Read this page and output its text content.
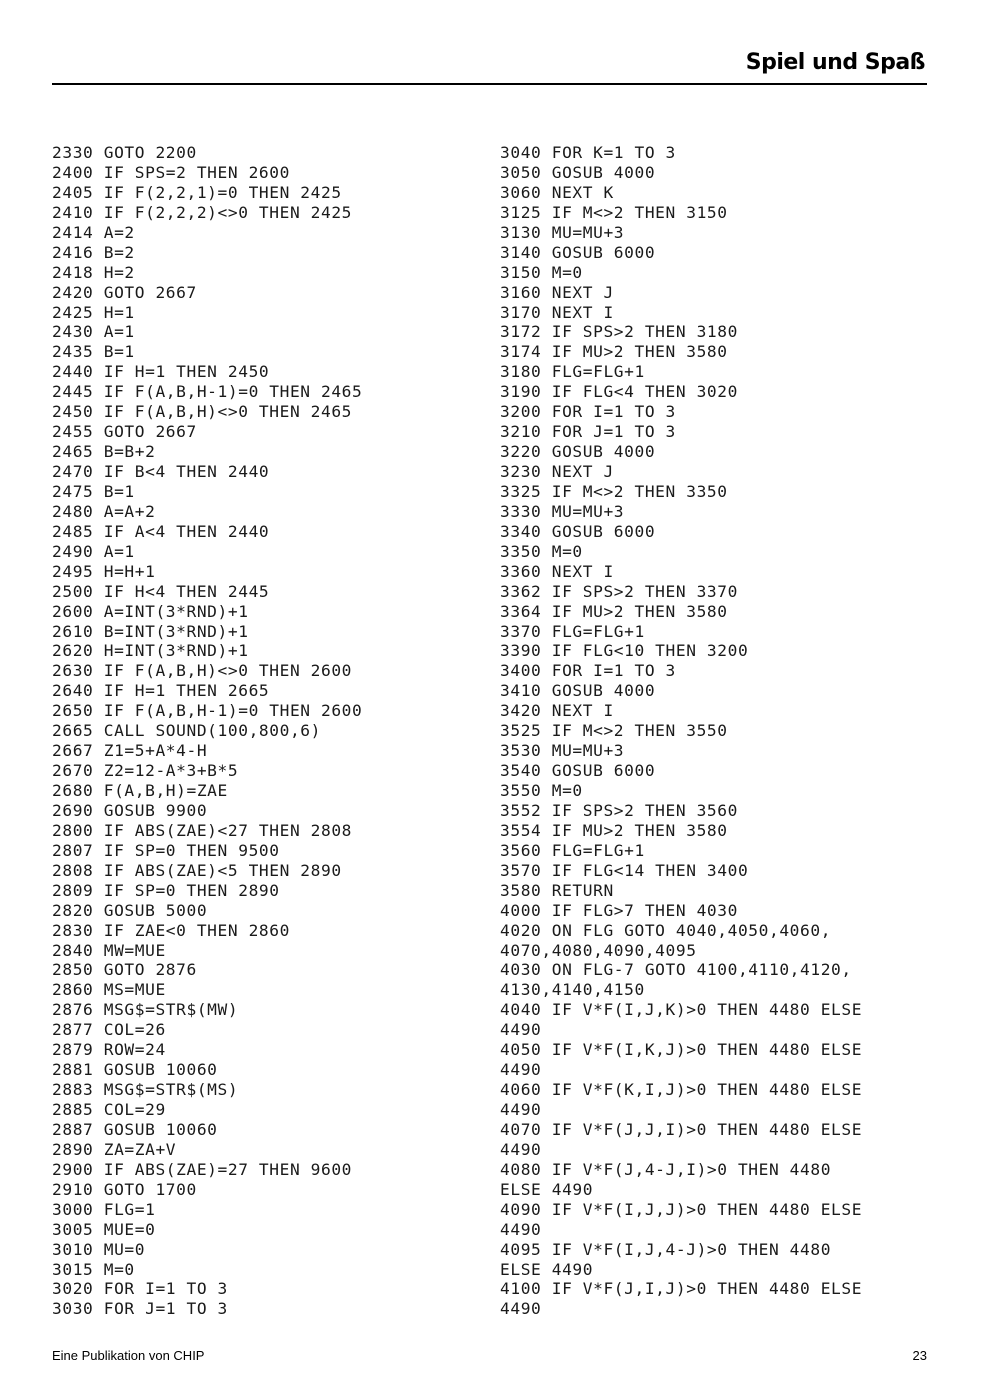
Spiel und Spaß
2330 GOTO 2200
2400 IF SPS=2 THEN 2600
2405 IF F(2,2,1)=0 THEN 2425
2410 IF F(2,2,2)<>0 THEN 2425
2414 A=2
2416 B=2
2418 H=2
2420 GOTO 2667
2425 H=1
2430 A=1
2435 B=1
2440 IF H=1 THEN 2450
2445 IF F(A,B,H-1)=0 THEN 2465
2450 IF F(A,B,H)<>0 THEN 2465
2455 GOTO 2667
2465 B=B+2
2470 IF B<4 THEN 2440
2475 B=1
2480 A=A+2
2485 IF A<4 THEN 2440
2490 A=1
2495 H=H+1
2500 IF H<4 THEN 2445
2600 A=INT(3*RND)+1
2610 B=INT(3*RND)+1
2620 H=INT(3*RND)+1
2630 IF F(A,B,H)<>0 THEN 2600
2640 IF H=1 THEN 2665
2650 IF F(A,B,H-1)=0 THEN 2600
2665 CALL SOUND(100,800,6)
2667 Z1=5+A*4-H
2670 Z2=12-A*3+B*5
2680 F(A,B,H)=ZAE
2690 GOSUB 9900
2800 IF ABS(ZAE)<27 THEN 2808
2807 IF SP=0 THEN 9500
2808 IF ABS(ZAE)<5 THEN 2890
2809 IF SP=0 THEN 2890
2820 GOSUB 5000
2830 IF ZAE<0 THEN 2860
2840 MW=MUE
2850 GOTO 2876
2860 MS=MUE
2876 MSG$=STR$(MW)
2877 COL=26
2879 ROW=24
2881 GOSUB 10060
2883 MSG$=STR$(MS)
2885 COL=29
2887 GOSUB 10060
2890 ZA=ZA+V
2900 IF ABS(ZAE)=27 THEN 9600
2910 GOTO 1700
3000 FLG=1
3005 MUE=0
3010 MU=0
3015 M=0
3020 FOR I=1 TO 3
3030 FOR J=1 TO 3
3040 FOR K=1 TO 3
3050 GOSUB 4000
3060 NEXT K
3125 IF M<>2 THEN 3150
3130 MU=MU+3
3140 GOSUB 6000
3150 M=0
3160 NEXT J
3170 NEXT I
3172 IF SPS>2 THEN 3180
3174 IF MU>2 THEN 3580
3180 FLG=FLG+1
3190 IF FLG<4 THEN 3020
3200 FOR I=1 TO 3
3210 FOR J=1 TO 3
3220 GOSUB 4000
3230 NEXT J
3325 IF M<>2 THEN 3350
3330 MU=MU+3
3340 GOSUB 6000
3350 M=0
3360 NEXT I
3362 IF SPS>2 THEN 3370
3364 IF MU>2 THEN 3580
3370 FLG=FLG+1
3390 IF FLG<10 THEN 3200
3400 FOR I=1 TO 3
3410 GOSUB 4000
3420 NEXT I
3525 IF M<>2 THEN 3550
3530 MU=MU+3
3540 GOSUB 6000
3550 M=0
3552 IF SPS>2 THEN 3560
3554 IF MU>2 THEN 3580
3560 FLG=FLG+1
3570 IF FLG<14 THEN 3400
3580 RETURN
4000 IF FLG>7 THEN 4030
4020 ON FLG GOTO 4040,4050,4060,
4070,4080,4090,4095
4030 ON FLG-7 GOTO 4100,4110,4120,
4130,4140,4150
4040 IF V*F(I,J,K)>0 THEN 4480 ELSE
4490
4050 IF V*F(I,K,J)>0 THEN 4480 ELSE
4490
4060 IF V*F(K,I,J)>0 THEN 4480 ELSE
4490
4070 IF V*F(J,J,I)>0 THEN 4480 ELSE
4490
4080 IF V*F(J,4-J,I)>0 THEN 4480
ELSE 4490
4090 IF V*F(I,J,J)>0 THEN 4480 ELSE
4490
4095 IF V*F(I,J,4-J)>0 THEN 4480
ELSE 4490
4100 IF V*F(J,I,J)>0 THEN 4480 ELSE
4490
Eine Publikation von CHIP	23
